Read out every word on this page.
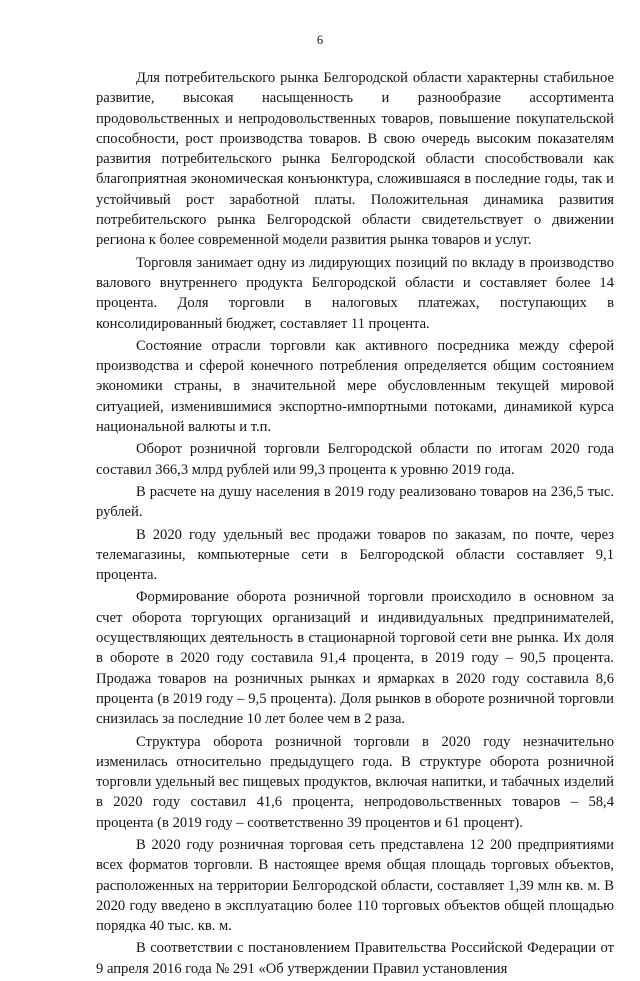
6

Для потребительского рынка Белгородской области характерны стабильное развитие, высокая насыщенность и разнообразие ассортимента продовольственных и непродовольственных товаров, повышение покупательской способности, рост производства товаров. В свою очередь высоким показателям развития потребительского рынка Белгородской области способствовали как благоприятная экономическая конъюнктура, сложившаяся в последние годы, так и устойчивый рост заработной платы. Положительная динамика развития потребительского рынка Белгородской области свидетельствует о движении региона к более современной модели развития рынка товаров и услуг.

Торговля занимает одну из лидирующих позиций по вкладу в производство валового внутреннего продукта Белгородской области и составляет более 14 процента. Доля торговли в налоговых платежах, поступающих в консолидированный бюджет, составляет 11 процента.

Состояние отрасли торговли как активного посредника между сферой производства и сферой конечного потребления определяется общим состоянием экономики страны, в значительной мере обусловленным текущей мировой ситуацией, изменившимися экспортно-импортными потоками, динамикой курса национальной валюты и т.п.

Оборот розничной торговли Белгородской области по итогам 2020 года составил 366,3 млрд рублей или 99,3 процента к уровню 2019 года.

В расчете на душу населения в 2019 году реализовано товаров на 236,5 тыс. рублей.

В 2020 году удельный вес продажи товаров по заказам, по почте, через телемагазины, компьютерные сети в Белгородской области составляет 9,1 процента.

Формирование оборота розничной торговли происходило в основном за счет оборота торгующих организаций и индивидуальных предпринимателей, осуществляющих деятельность в стационарной торговой сети вне рынка. Их доля в обороте в 2020 году составила 91,4 процента, в 2019 году – 90,5 процента. Продажа товаров на розничных рынках и ярмарках в 2020 году составила 8,6 процента (в 2019 году – 9,5 процента). Доля рынков в обороте розничной торговли снизилась за последние 10 лет более чем в 2 раза.

Структура оборота розничной торговли в 2020 году незначительно изменилась относительно предыдущего года. В структуре оборота розничной торговли удельный вес пищевых продуктов, включая напитки, и табачных изделий в 2020 году составил 41,6 процента, непродовольственных товаров – 58,4 процента (в 2019 году – соответственно 39 процентов и 61 процент).

В 2020 году розничная торговая сеть представлена 12 200 предприятиями всех форматов торговли. В настоящее время общая площадь торговых объектов, расположенных на территории Белгородской области, составляет 1,39 млн кв. м. В 2020 году введено в эксплуатацию более 110 торговых объектов общей площадью порядка 40 тыс. кв. м.

В соответствии с постановлением Правительства Российской Федерации от 9 апреля 2016 года № 291 «Об утверждении Правил установления
